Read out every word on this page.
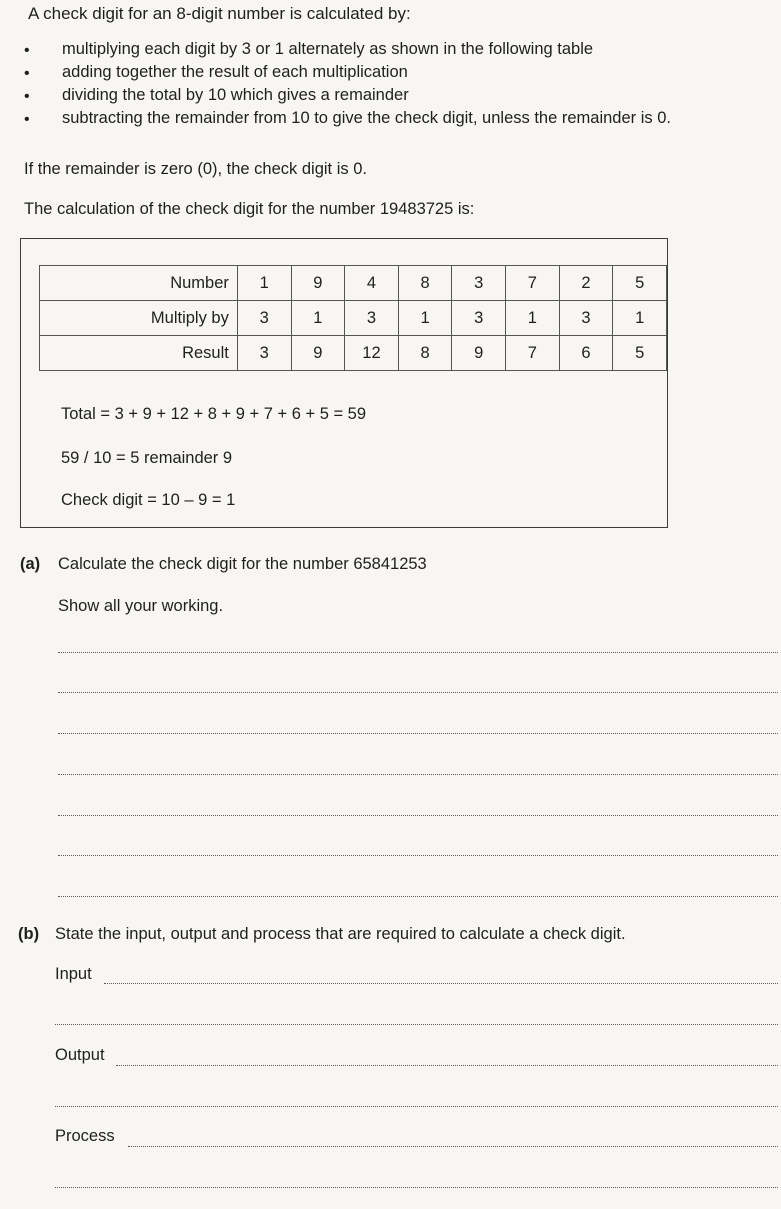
A check digit for an 8-digit number is calculated by:
• multiplying each digit by 3 or 1 alternately as shown in the following table
• adding together the result of each multiplication
• dividing the total by 10 which gives a remainder
• subtracting the remainder from 10 to give the check digit, unless the remainder is 0.
If the remainder is zero (0), the check digit is 0.
The calculation of the check digit for the number 19483725 is:
Number	1	9	4	8	3	7	2	5
Multiply by	3	1	3	1	3	1	3	1
Result	3	9	12	8	9	7	6	5
Total = 3 + 9 + 12 + 8 + 9 + 7 + 6 + 5 = 59
59 / 10 = 5 remainder 9
Check digit = 10 – 9 = 1
(a) Calculate the check digit for the number 65841253
Show all your working.
(b) State the input, output and process that are required to calculate a check digit.
Input
Output
Process
